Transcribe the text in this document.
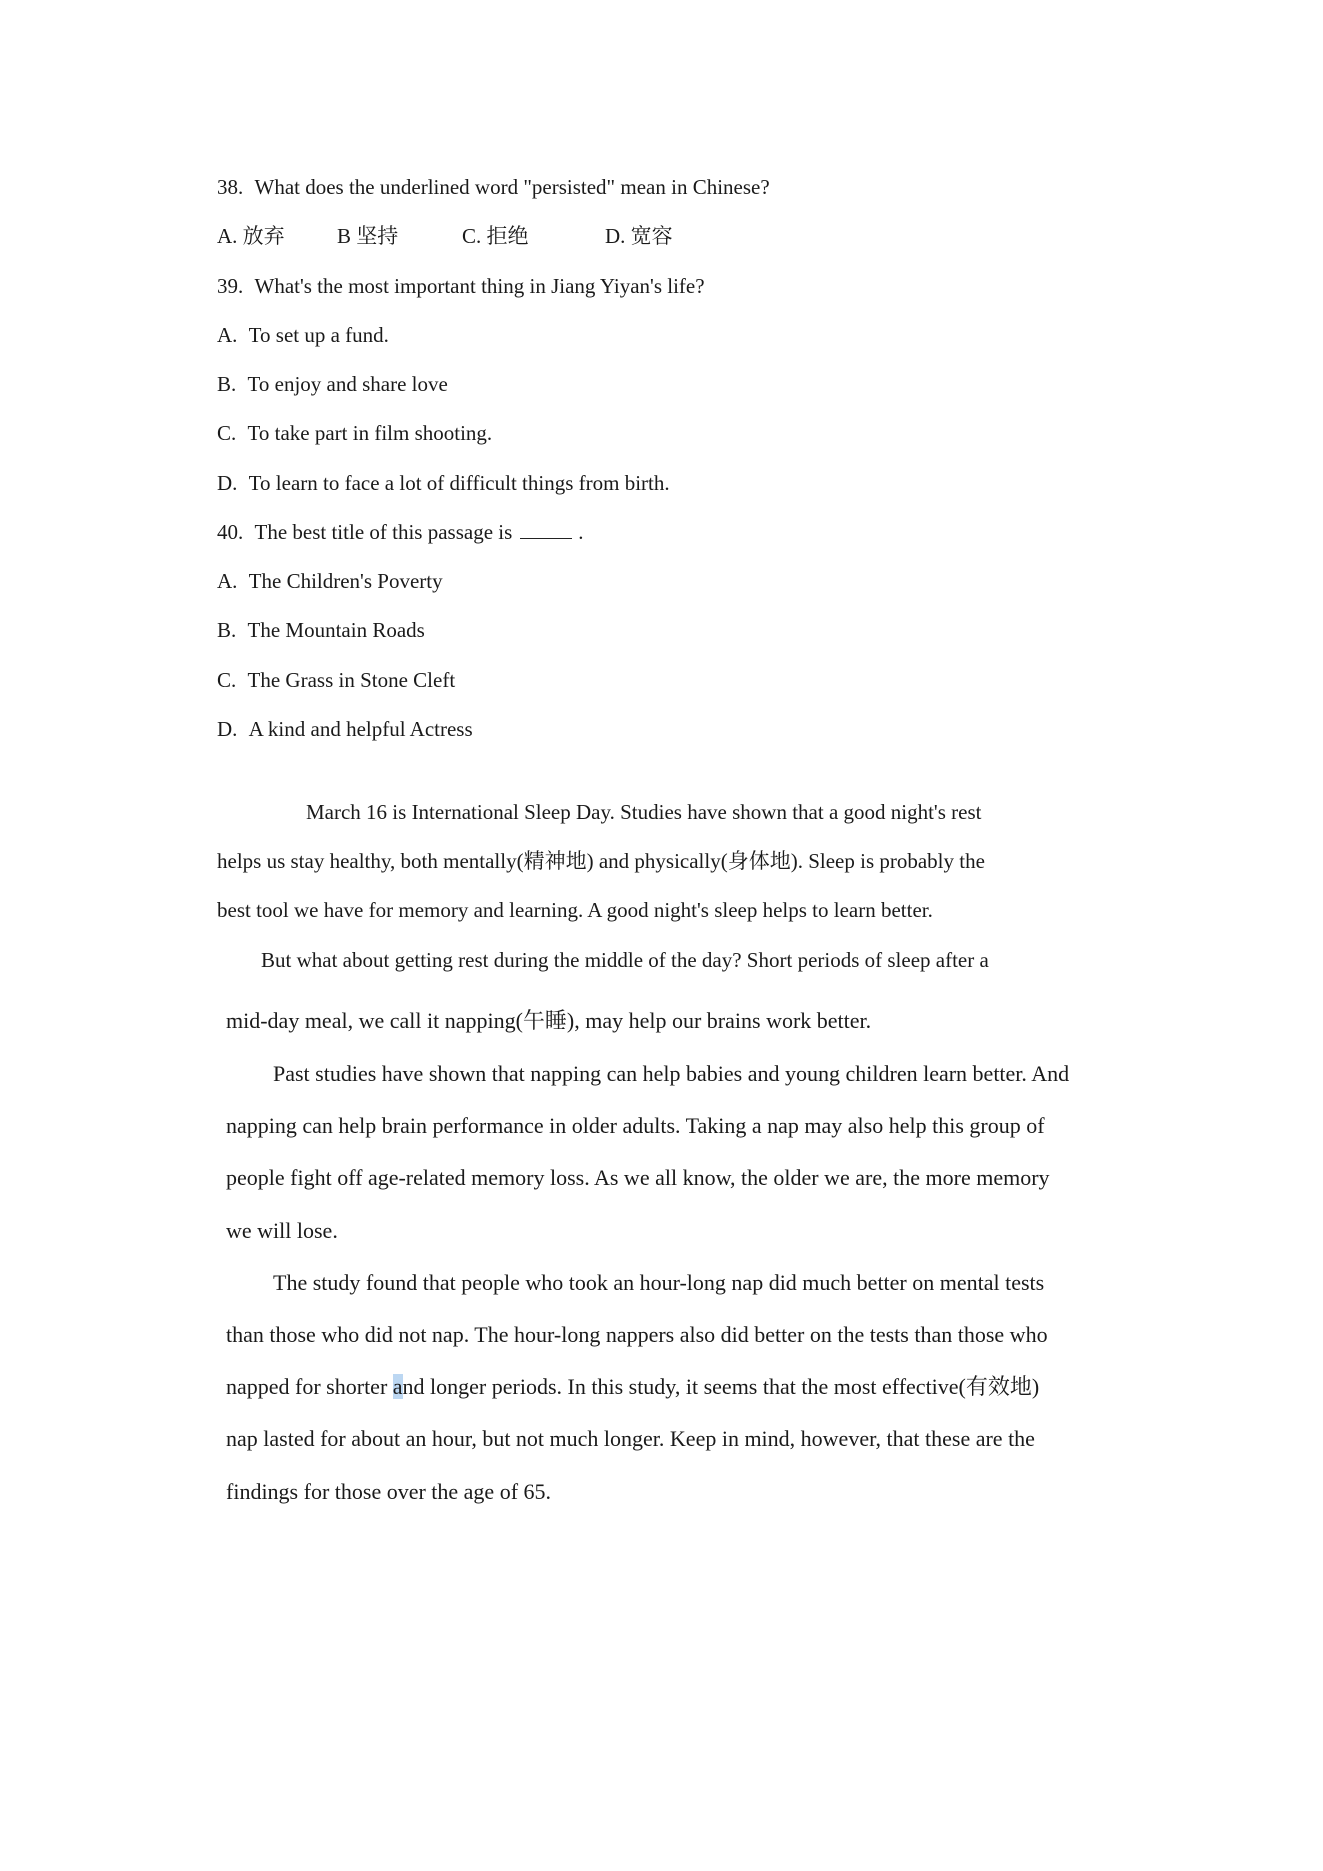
38. What does the underlined word "persisted" mean in Chinese?
A. 放弃 B 坚持	C. 拒绝	D. 宽容
39. What's the most important thing in Jiang Yiyan's life?
A. To set up a fund.
B. To enjoy and share love
C. To take part in film shooting.
D. To learn to face a lot of difficult things from birth.
40. The best title of this passage is	.
A. The Children's Poverty
B. The Mountain Roads
C. The Grass in Stone Cleft
D. A kind and helpful Actress
March 16 is International Sleep Day. Studies have shown that a good night's rest
helps us stay healthy, both mentally(精神地) and physically(身体地). Sleep is probably the
best tool we have for memory and learning. A good night's sleep helps to learn better.
But what about getting rest during the middle of the day? Short periods of sleep after a
mid-day meal, we call it napping(午睡), may help our brains work better.
Past studies have shown that napping can help babies and young children learn better. And
napping can help brain performance in older adults. Taking a nap may also help this group of
people fight off age-related memory loss. As we all know, the older we are, the more memory
we will lose.
The study found that people who took an hour-long nap did much better on mental tests
than those who did not nap. The hour-long nappers also did better on the tests than those who
napped for shorter and longer periods. In this study, it seems that the most effective(有效地)
nap lasted for about an hour, but not much longer. Keep in mind, however, that these are the
findings for those over the age of 65.
